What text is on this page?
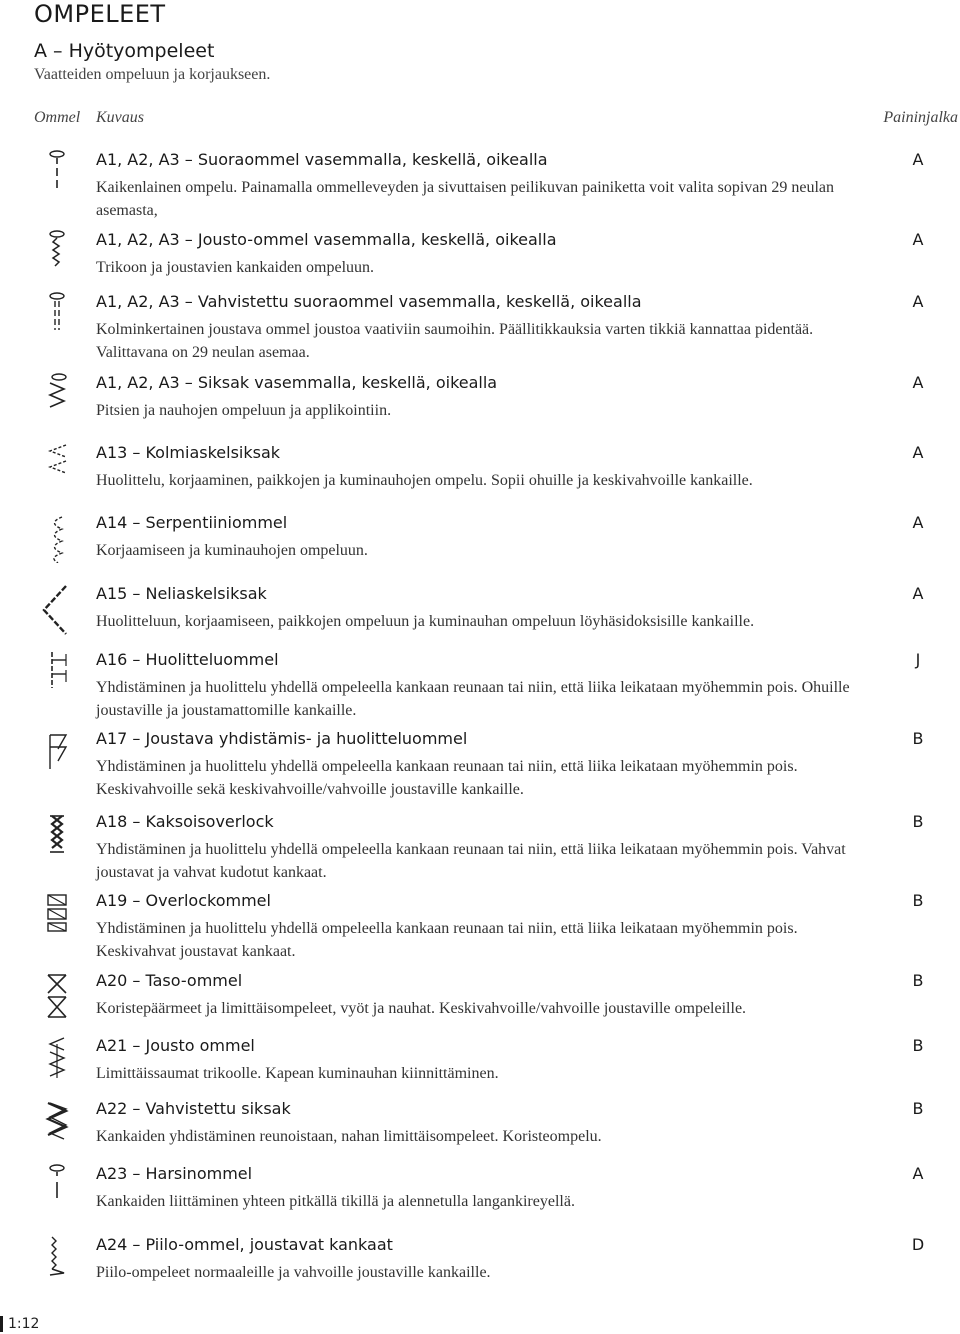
OMPELEET
A – Hyötyompeleet
Vaatteiden ompeluun ja korjaukseen.
Ommel Kuvaus	Paininjalka
A1, A2, A3 – Suoraommel vasemmalla, keskellä, oikealla	A
Kaikenlainen ompelu. Painamalla ommelleveyden ja sivuttaisen peilikuvan painiketta voit valita sopivan 29 neulan asemasta,
A1, A2, A3 – Jousto-ommel vasemmalla, keskellä, oikealla	A
Trikoon ja joustavien kankaiden ompeluun.
A1, A2, A3 – Vahvistettu suoraommel vasemmalla, keskellä, oikealla	A
Kolminkertainen joustava ommel joustoa vaativiin saumoihin. Päällitikkauksia varten tikkiä kannattaa pidentää. Valittavana on 29 neulan asemaa.
A1, A2, A3 – Siksak vasemmalla, keskellä, oikealla	A
Pitsien ja nauhojen ompeluun ja applikointiin.
A13 – Kolmiaskelsiksak	A
Huolittelu, korjaaminen, paikkojen ja kuminauhojen ompelu. Sopii ohuille ja keskivahvoille kankaille.
A14 – Serpentiiniommel	A
Korjaamiseen ja kuminauhojen ompeluun.
A15 – Neliaskelsiksak	A
Huolitteluun, korjaamiseen, paikkojen ompeluun ja kuminauhan ompeluun löyhäsidoksisille kankaille.
A16 – Huolitteluommel	J
Yhdistäminen ja huolittelu yhdellä ompeleella kankaan reunaan tai niin, että liika leikataan myöhemmin pois. Ohuille joustaville ja joustamattomille kankaille.
A17 – Joustava yhdistämis- ja huolitteluommel	B
Yhdistäminen ja huolittelu yhdellä ompeleella kankaan reunaan tai niin, että liika leikataan myöhemmin pois. Keskivahvoille sekä keskivahvoille/vahvoille joustaville kankaille.
A18 – Kaksoisoverlock	B
Yhdistäminen ja huolittelu yhdellä ompeleella kankaan reunaan tai niin, että liika leikataan myöhemmin pois. Vahvat joustavat ja vahvat kudotut kankaat.
A19 – Overlockommel	B
Yhdistäminen ja huolittelu yhdellä ompeleella kankaan reunaan tai niin, että liika leikataan myöhemmin pois. Keskivahvat joustavat kankaat.
A20 – Taso-ommel	B
Koristepäärmeet ja limittäisompeleet, vyöt ja nauhat. Keskivahvoille/vahvoille joustaville ompeleille.
A21 – Jousto ommel	B
Limittäissaumat trikoolle. Kapean kuminauhan kiinnittäminen.
A22 – Vahvistettu siksak	B
Kankaiden yhdistäminen reunoistaan, nahan limittäisompeleet. Koristeompelu.
A23 – Harsinommel	A
Kankaiden liittäminen yhteen pitkällä tikillä ja alennetulla langankireyellä.
A24 – Piilo-ommel, joustavat kankaat	D
Piilo-ompeleet normaaleille ja vahvoille joustaville kankaille.
1:12
